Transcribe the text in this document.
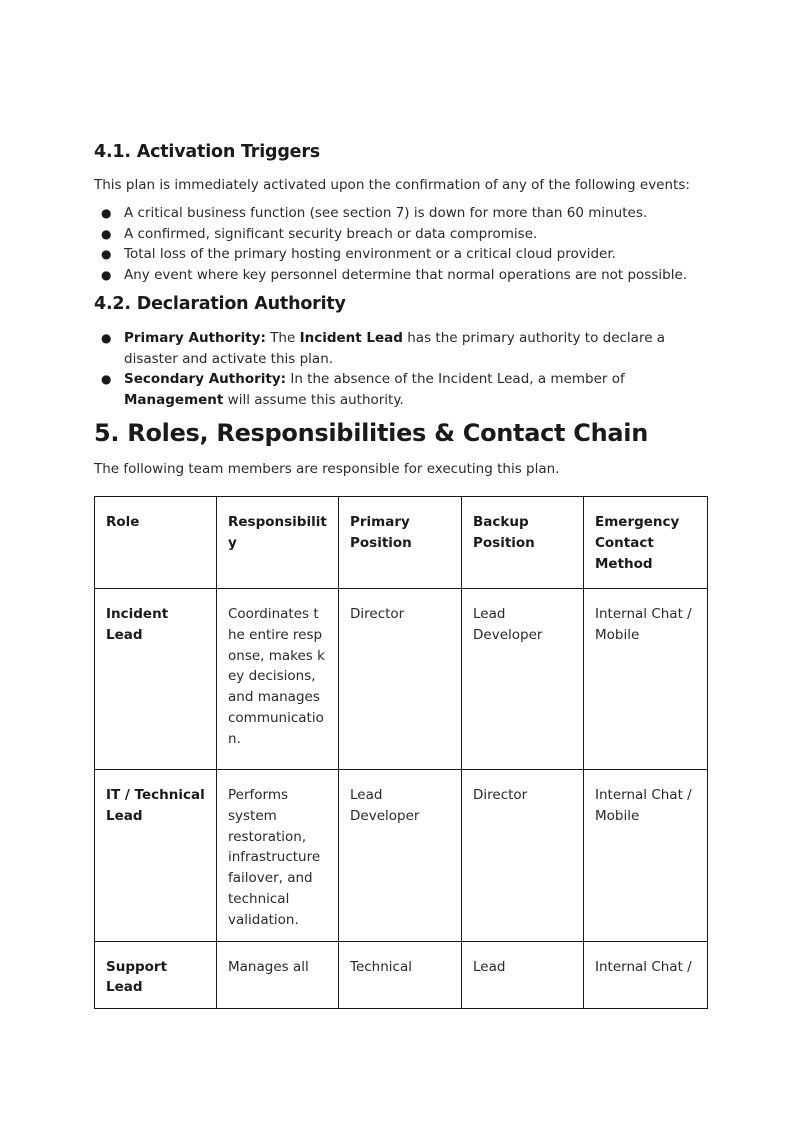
4.1. Activation Triggers

This plan is immediately activated upon the confirmation of any of the following events:

● A critical business function (see section 7) is down for more than 60 minutes.
● A confirmed, significant security breach or data compromise.
● Total loss of the primary hosting environment or a critical cloud provider.
● Any event where key personnel determine that normal operations are not possible.
4.2. Declaration Authority
● Primary Authority: The Incident Lead has the primary authority to declare a disaster and activate this plan.
● Secondary Authority: In the absence of the Incident Lead, a member of Management will assume this authority.
5. Roles, Responsibilities & Contact Chain

The following team members are responsible for executing this plan.

Role	Responsibility	Primary Position	Backup Position	Emergency Contact Method
Incident Lead	Coordinates the entire response, makes key decisions, and manages communication.	Director	Lead Developer	Internal Chat / Mobile
IT / Technical Lead	Performs system restoration, infrastructure failover, and technical validation.	Lead Developer	Director	Internal Chat / Mobile
Support Lead	Manages all	Technical	Lead	Internal Chat /
